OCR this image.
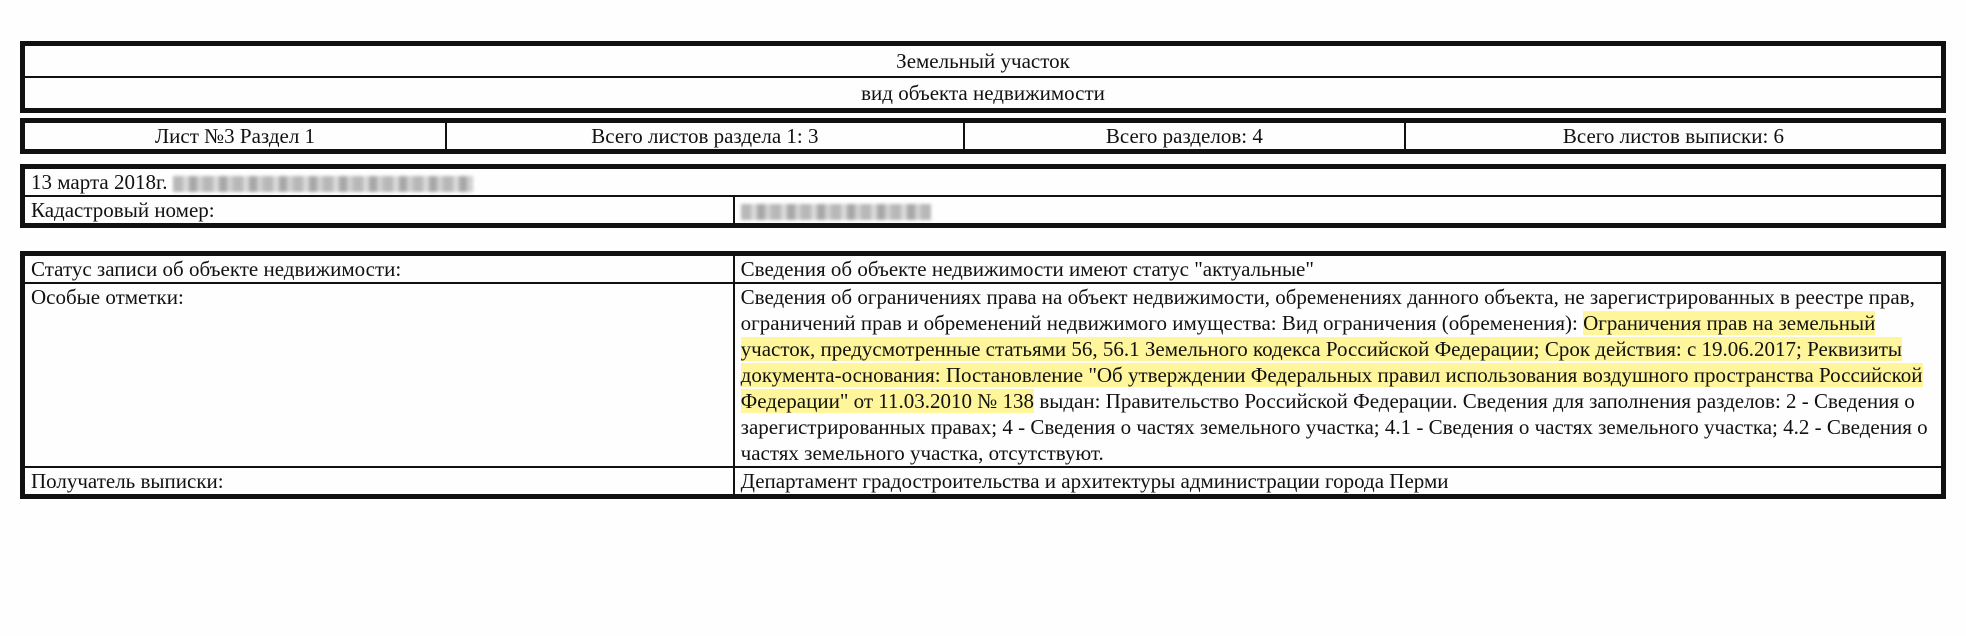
Земельный участок
вид объекта недвижимости
Лист №3 Раздел 1	Всего листов раздела 1: 3	Всего разделов: 4	Всего листов выписки: 6
13 марта 2018г.
Кадастровый номер:	
Статус записи об объекте недвижимости:	Сведения об объекте недвижимости имеют статус "актуальные"
Особые отметки:	Сведения об ограничениях права на объект недвижимости, обременениях данного объекта, не зарегистрированных в реестре прав, ограничений прав и обременений недвижимого имущества: Вид ограничения (обременения): Ограничения прав на земельный участок, предусмотренные статьями 56, 56.1 Земельного кодекса Российской Федерации; Срок действия: с 19.06.2017; Реквизиты документа-основания: Постановление "Об утверждении Федеральных правил использования воздушного пространства Российской Федерации" от 11.03.2010 № 138 выдан: Правительство Российской Федерации. Сведения для заполнения разделов: 2 - Сведения о зарегистрированных правах; 4 - Сведения о частях земельного участка; 4.1 - Сведения о частях земельного участка; 4.2 - Сведения о частях земельного участка, отсутствуют.
Получатель выписки:	Департамент градостроительства и архитектуры администрации города Перми
